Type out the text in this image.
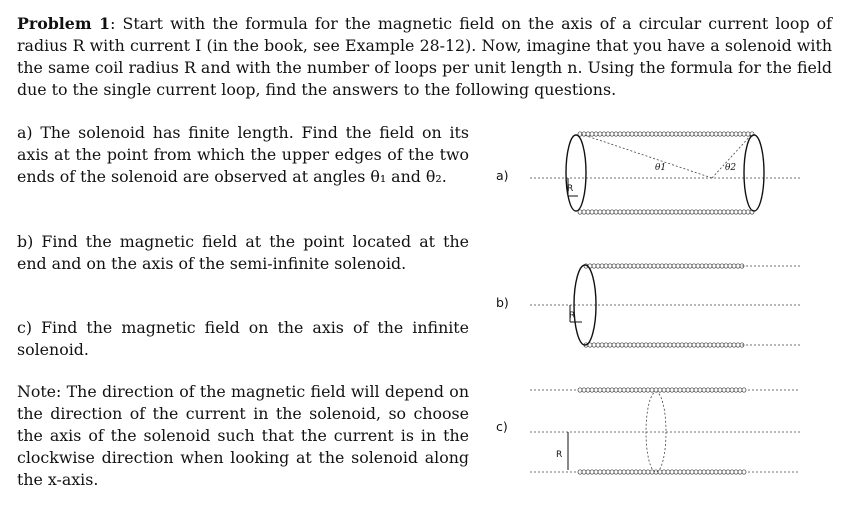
Problem 1: Start with the formula for the magnetic field on the axis of a circular current loop of radius R with current I (in the book, see Example 28-12). Now, imagine that you have a solenoid with the same coil radius R and with the number of loops per unit length n. Using the formula for the field due to the single current loop, find the answers to the following questions.

a) The solenoid has finite length. Find the field on its axis at the point from which the upper edges of the two ends of the solenoid are observed at angles θ₁ and θ₂.

b) Find the magnetic field at the point located at the end and on the axis of the semi-infinite solenoid.

c) Find the magnetic field on the axis of the infinite solenoid.

Note: The direction of the magnetic field will depend on the direction of the current in the solenoid, so choose the axis of the solenoid such that the current is in the clockwise direction when looking at the solenoid along the x-axis.

a)
b)
c)
R
θ1	θ2
R
R
